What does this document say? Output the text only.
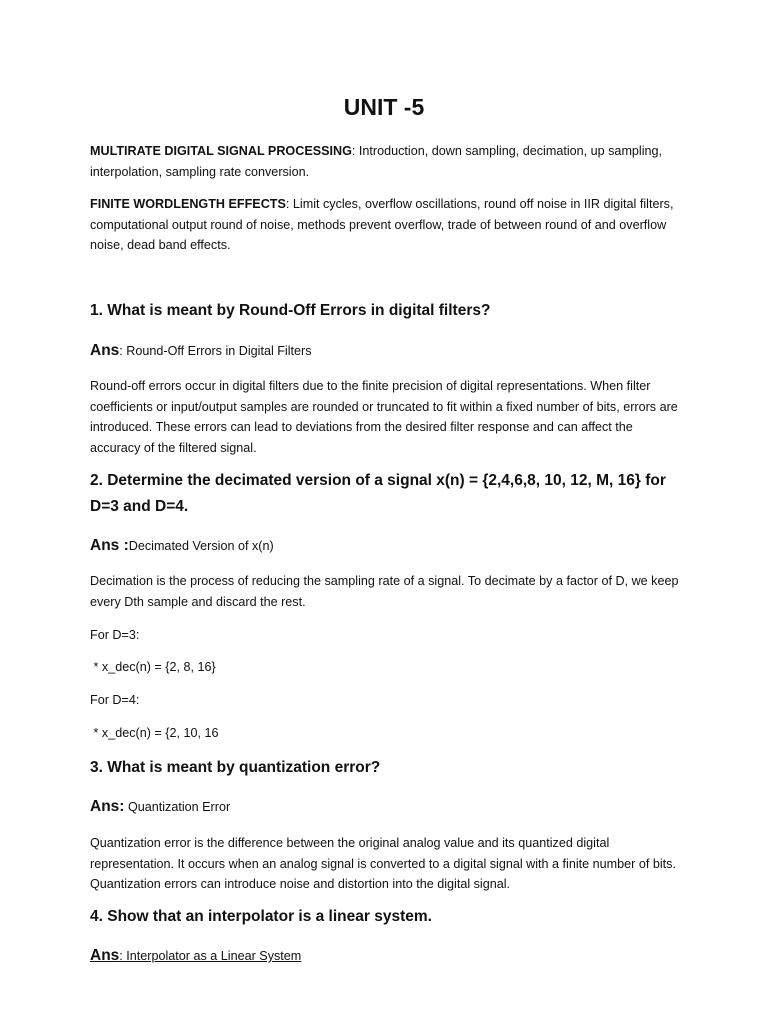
UNIT -5

MULTIRATE DIGITAL SIGNAL PROCESSING: Introduction, down sampling, decimation, up sampling, interpolation, sampling rate conversion.

FINITE WORDLENGTH EFFECTS: Limit cycles, overflow oscillations, round off noise in IIR digital filters, computational output round of noise, methods prevent overflow, trade of between round of and overflow noise, dead band effects.

1. What is meant by Round-Off Errors in digital filters?

Ans: Round-Off Errors in Digital Filters

Round-off errors occur in digital filters due to the finite precision of digital representations. When filter coefficients or input/output samples are rounded or truncated to fit within a fixed number of bits, errors are introduced. These errors can lead to deviations from the desired filter response and can affect the accuracy of the filtered signal.

2. Determine the decimated version of a signal x(n) = {2,4,6,8, 10, 12, M, 16} for D=3 and D=4.

Ans :Decimated Version of x(n)

Decimation is the process of reducing the sampling rate of a signal. To decimate by a factor of D, we keep every Dth sample and discard the rest.

For D=3:

* x_dec(n) = {2, 8, 16}

For D=4:

* x_dec(n) = {2, 10, 16

3. What is meant by quantization error?

Ans: Quantization Error

Quantization error is the difference between the original analog value and its quantized digital representation. It occurs when an analog signal is converted to a digital signal with a finite number of bits. Quantization errors can introduce noise and distortion into the digital signal.

4. Show that an interpolator is a linear system.

Ans: Interpolator as a Linear System
